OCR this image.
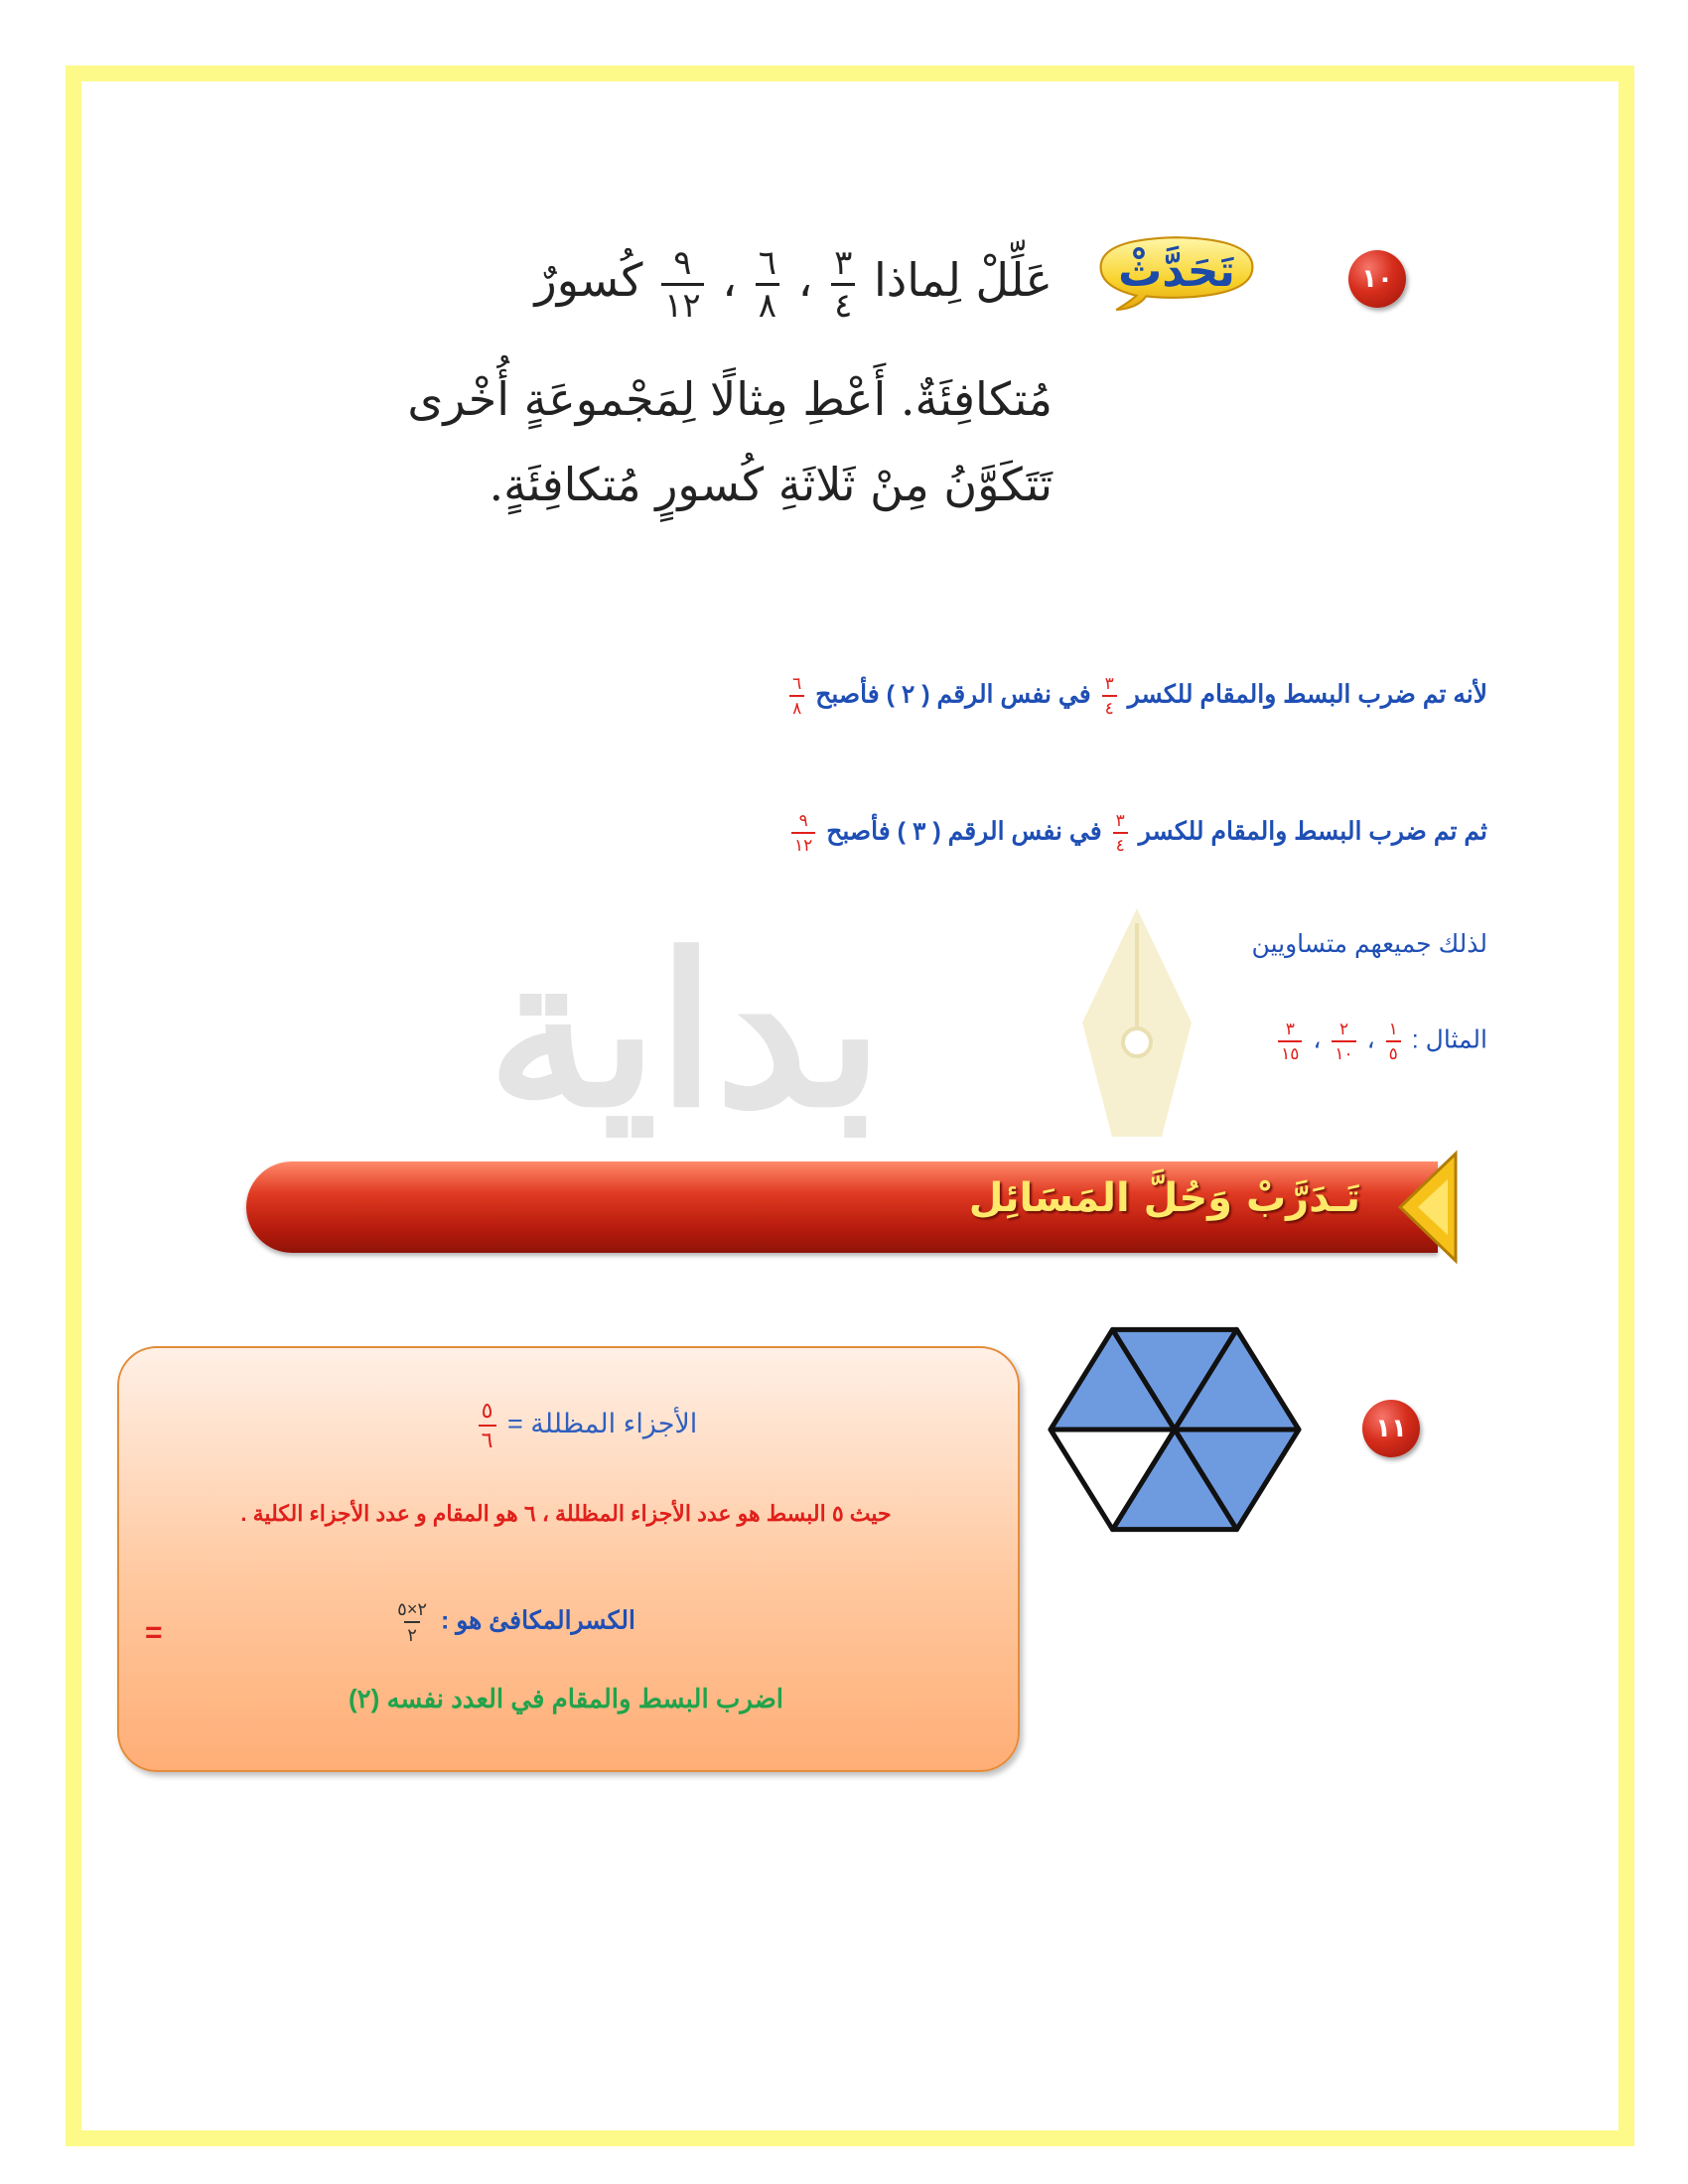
بداية
١٠
تَحَدَّثْ
عَلِّلْ لِماذا
$\frac{٣}{٤}$
،
$\frac{٦}{٨}$
،
$\frac{٩}{١٢}$
كُسورٌ
مُتكافِئَةٌ. أَعْطِ مِثالًا لِمَجْموعَةٍ أُخْرى
تَتَكَوَّنُ مِنْ ثَلاثَةِ كُسورٍ مُتكافِئَةٍ.
لأنه تم ضرب البسط والمقام للكسر
$\frac{٣}{٤}$
في نفس الرقم ( ٢ ) فأصبح
$\frac{٦}{٨}$
ثم تم ضرب البسط والمقام للكسر
$\frac{٣}{٤}$
في نفس الرقم ( ٣ ) فأصبح
$\frac{٩}{١٢}$
لذلك جميعهم متساويين
المثال :
$\frac{١}{٥}$
،
$\frac{٢}{١٠}$
،
$\frac{٣}{١٥}$
تَـدَرَّبْ وَحُلَّ المَسَائِل
١١
الأجزاء المظللة =
$\frac{٥}{٦}$
حيث ٥ البسط هو عدد الأجزاء المظللة ، ٦ هو المقام و عدد الأجزاء الكلية .
=	الكسرالمكافئ هو :
$\frac{٢\times ٥}{٢}$
اضرب البسط والمقام في العدد نفسه (٢)
